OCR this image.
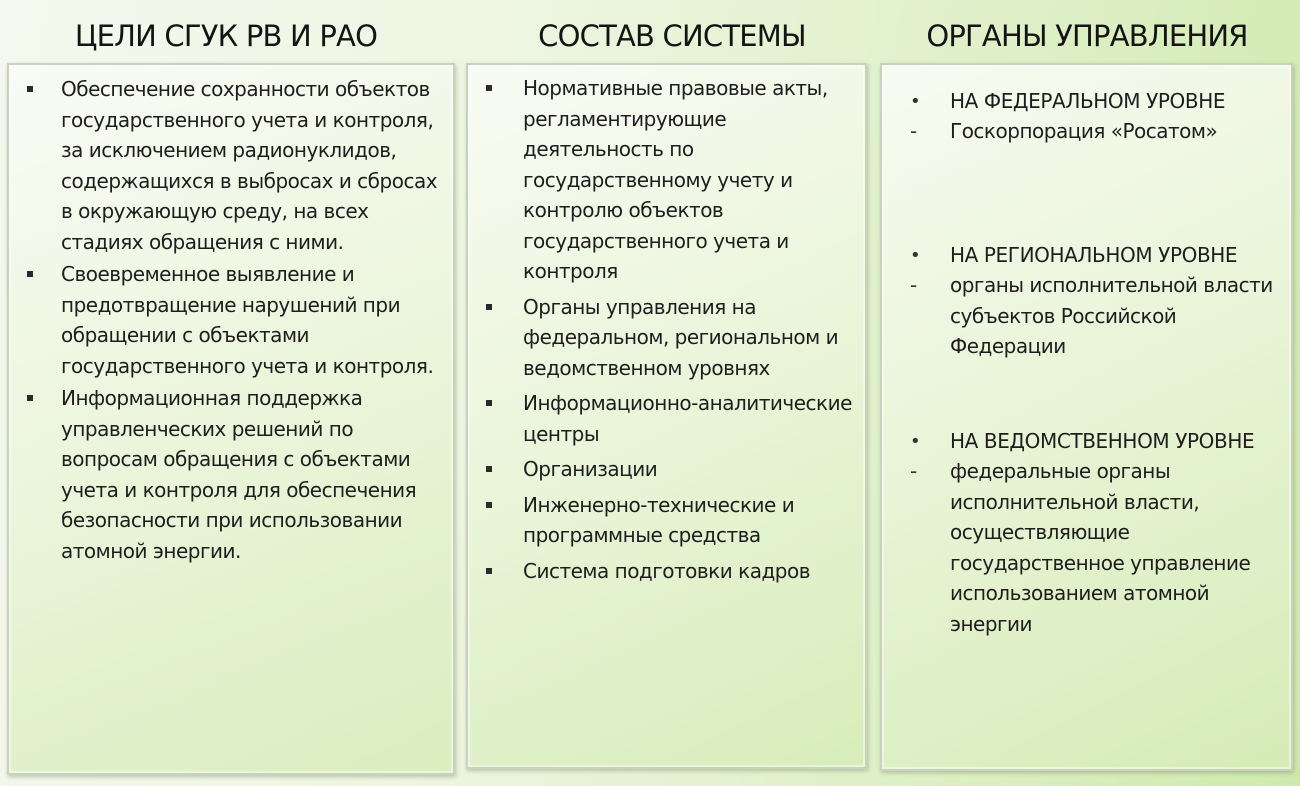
ЦЕЛИ СГУК РВ И РАО	СОСТАВ СИСТЕМЫ	ОРГАНЫ УПРАВЛЕНИЯ
Обеспечение сохранности объектов государственного учета и контроля, за исключением радионуклидов, содержащихся в выбросах и сбросах в окружающую среду, на всех стадиях обращения с ними.
Своевременное выявление и предотвращение нарушений при обращении с объектами государственного учета и контроля.
Информационная поддержка управленческих решений по вопросам обращения с объектами учета и контроля для обеспечения безопасности при использовании атомной энергии.
Нормативные правовые акты, регламентирующие деятельность по государственному учету и контролю объектов государственного учета и контроля
Органы управления на федеральном, региональном и ведомственном уровнях
Информационно-аналитические центры
Организации
Инженерно-технические и программные средства
Система подготовки кадров
• НА ФЕДЕРАЛЬНОМ УРОВНЕ
- Госкорпорация «Росатом»
• НА РЕГИОНАЛЬНОМ УРОВНЕ
- органы исполнительной власти субъектов Российской Федерации
• НА ВЕДОМСТВЕННОМ УРОВНЕ
- федеральные органы исполнительной власти, осуществляющие государственное управление использованием атомной энергии
